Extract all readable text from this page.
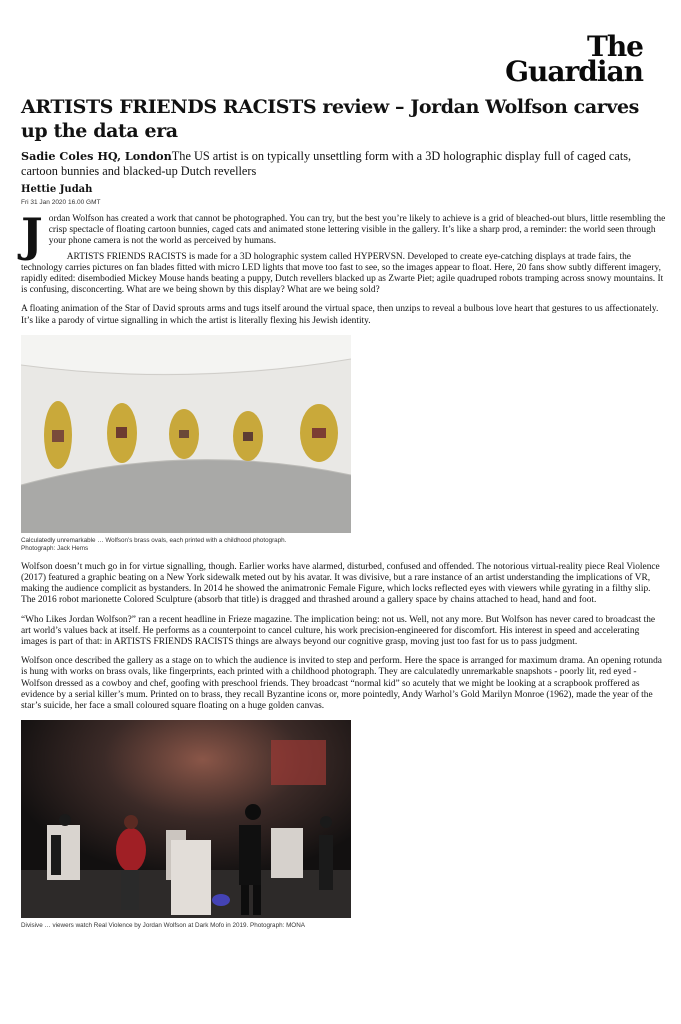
The
Guardian
ARTISTS FRIENDS RACISTS review – Jordan Wolfson carves up the data era
Sadie Coles HQ, LondonThe US artist is on typically unsettling form with a 3D holographic display full of caged cats, cartoon bunnies and blacked-up Dutch revellers
Hettie Judah
Fri 31 Jan 2020 16.00 GMT

Jordan Wolfson has created a work that cannot be photographed. You can try, but the best you’re likely to achieve is a grid of bleached-out blurs, little resembling the crisp spectacle of floating cartoon bunnies, caged cats and animated stone lettering visible in the gallery. It’s like a sharp prod, a reminder: the world seen through your phone camera is not the world as perceived by humans.

ARTISTS FRIENDS RACISTS is made for a 3D holographic system called HYPERVSN. Developed to create eye-catching displays at trade fairs, the technology carries pictures on fan blades fitted with micro LED lights that move too fast to see, so the images appear to float. Here, 20 fans show subtly different imagery, rapidly edited: disembodied Mickey Mouse hands beating a puppy, Dutch revellers blacked up as Zwarte Piet; agile quadruped robots tramping across snowy mountains. It is confusing, disconcerting. What are we being shown by this display? What are we being sold?

A floating animation of the Star of David sprouts arms and tugs itself around the virtual space, then unzips to reveal a bulbous love heart that gestures to us affectionately. It’s like a parody of virtue signalling in which the artist is literally flexing his Jewish identity.

Calculatedly unremarkable … Wolfson’s brass ovals, each printed with a childhood photograph.
Photograph: Jack Hems

Wolfson doesn’t much go in for virtue signalling, though. Earlier works have alarmed, disturbed, confused and offended. The notorious virtual-reality piece Real Violence (2017) featured a graphic beating on a New York sidewalk meted out by his avatar. It was divisive, but a rare instance of an artist understanding the implications of VR, making the audience complicit as bystanders. In 2014 he showed the animatronic Female Figure, which locks reflected eyes with viewers while gyrating in a filthy slip. The 2016 robot marionette Colored Sculpture (absorb that title) is dragged and thrashed around a gallery space by chains attached to head, hand and foot.

“Who Likes Jordan Wolfson?” ran a recent headline in Frieze magazine. The implication being: not us. Well, not any more. But Wolfson has never cared to broadcast the art world’s values back at itself. He performs as a counterpoint to cancel culture, his work precision-engineered for discomfort. His interest in speed and accelerating images is part of that: in ARTISTS FRIENDS RACISTS things are always beyond our cognitive grasp, moving just too fast for us to pass judgment.

Wolfson once described the gallery as a stage on to which the audience is invited to step and perform. Here the space is arranged for maximum drama. An opening rotunda is hung with works on brass ovals, like fingerprints, each printed with a childhood photograph. They are calculatedly unremarkable snapshots - poorly lit, red eyed - Wolfson dressed as a cowboy and chef, goofing with preschool friends. They broadcast “normal kid” so acutely that we might be looking at a scrapbook proffered as evidence by a serial killer’s mum. Printed on to brass, they recall Byzantine icons or, more pointedly, Andy Warhol’s Gold Marilyn Monroe (1962), made the year of the star’s suicide, her face a small coloured square floating on a huge golden canvas.

Divisive … viewers watch Real Violence by Jordan Wolfson at Dark Mofo in 2019. Photograph: MONA
